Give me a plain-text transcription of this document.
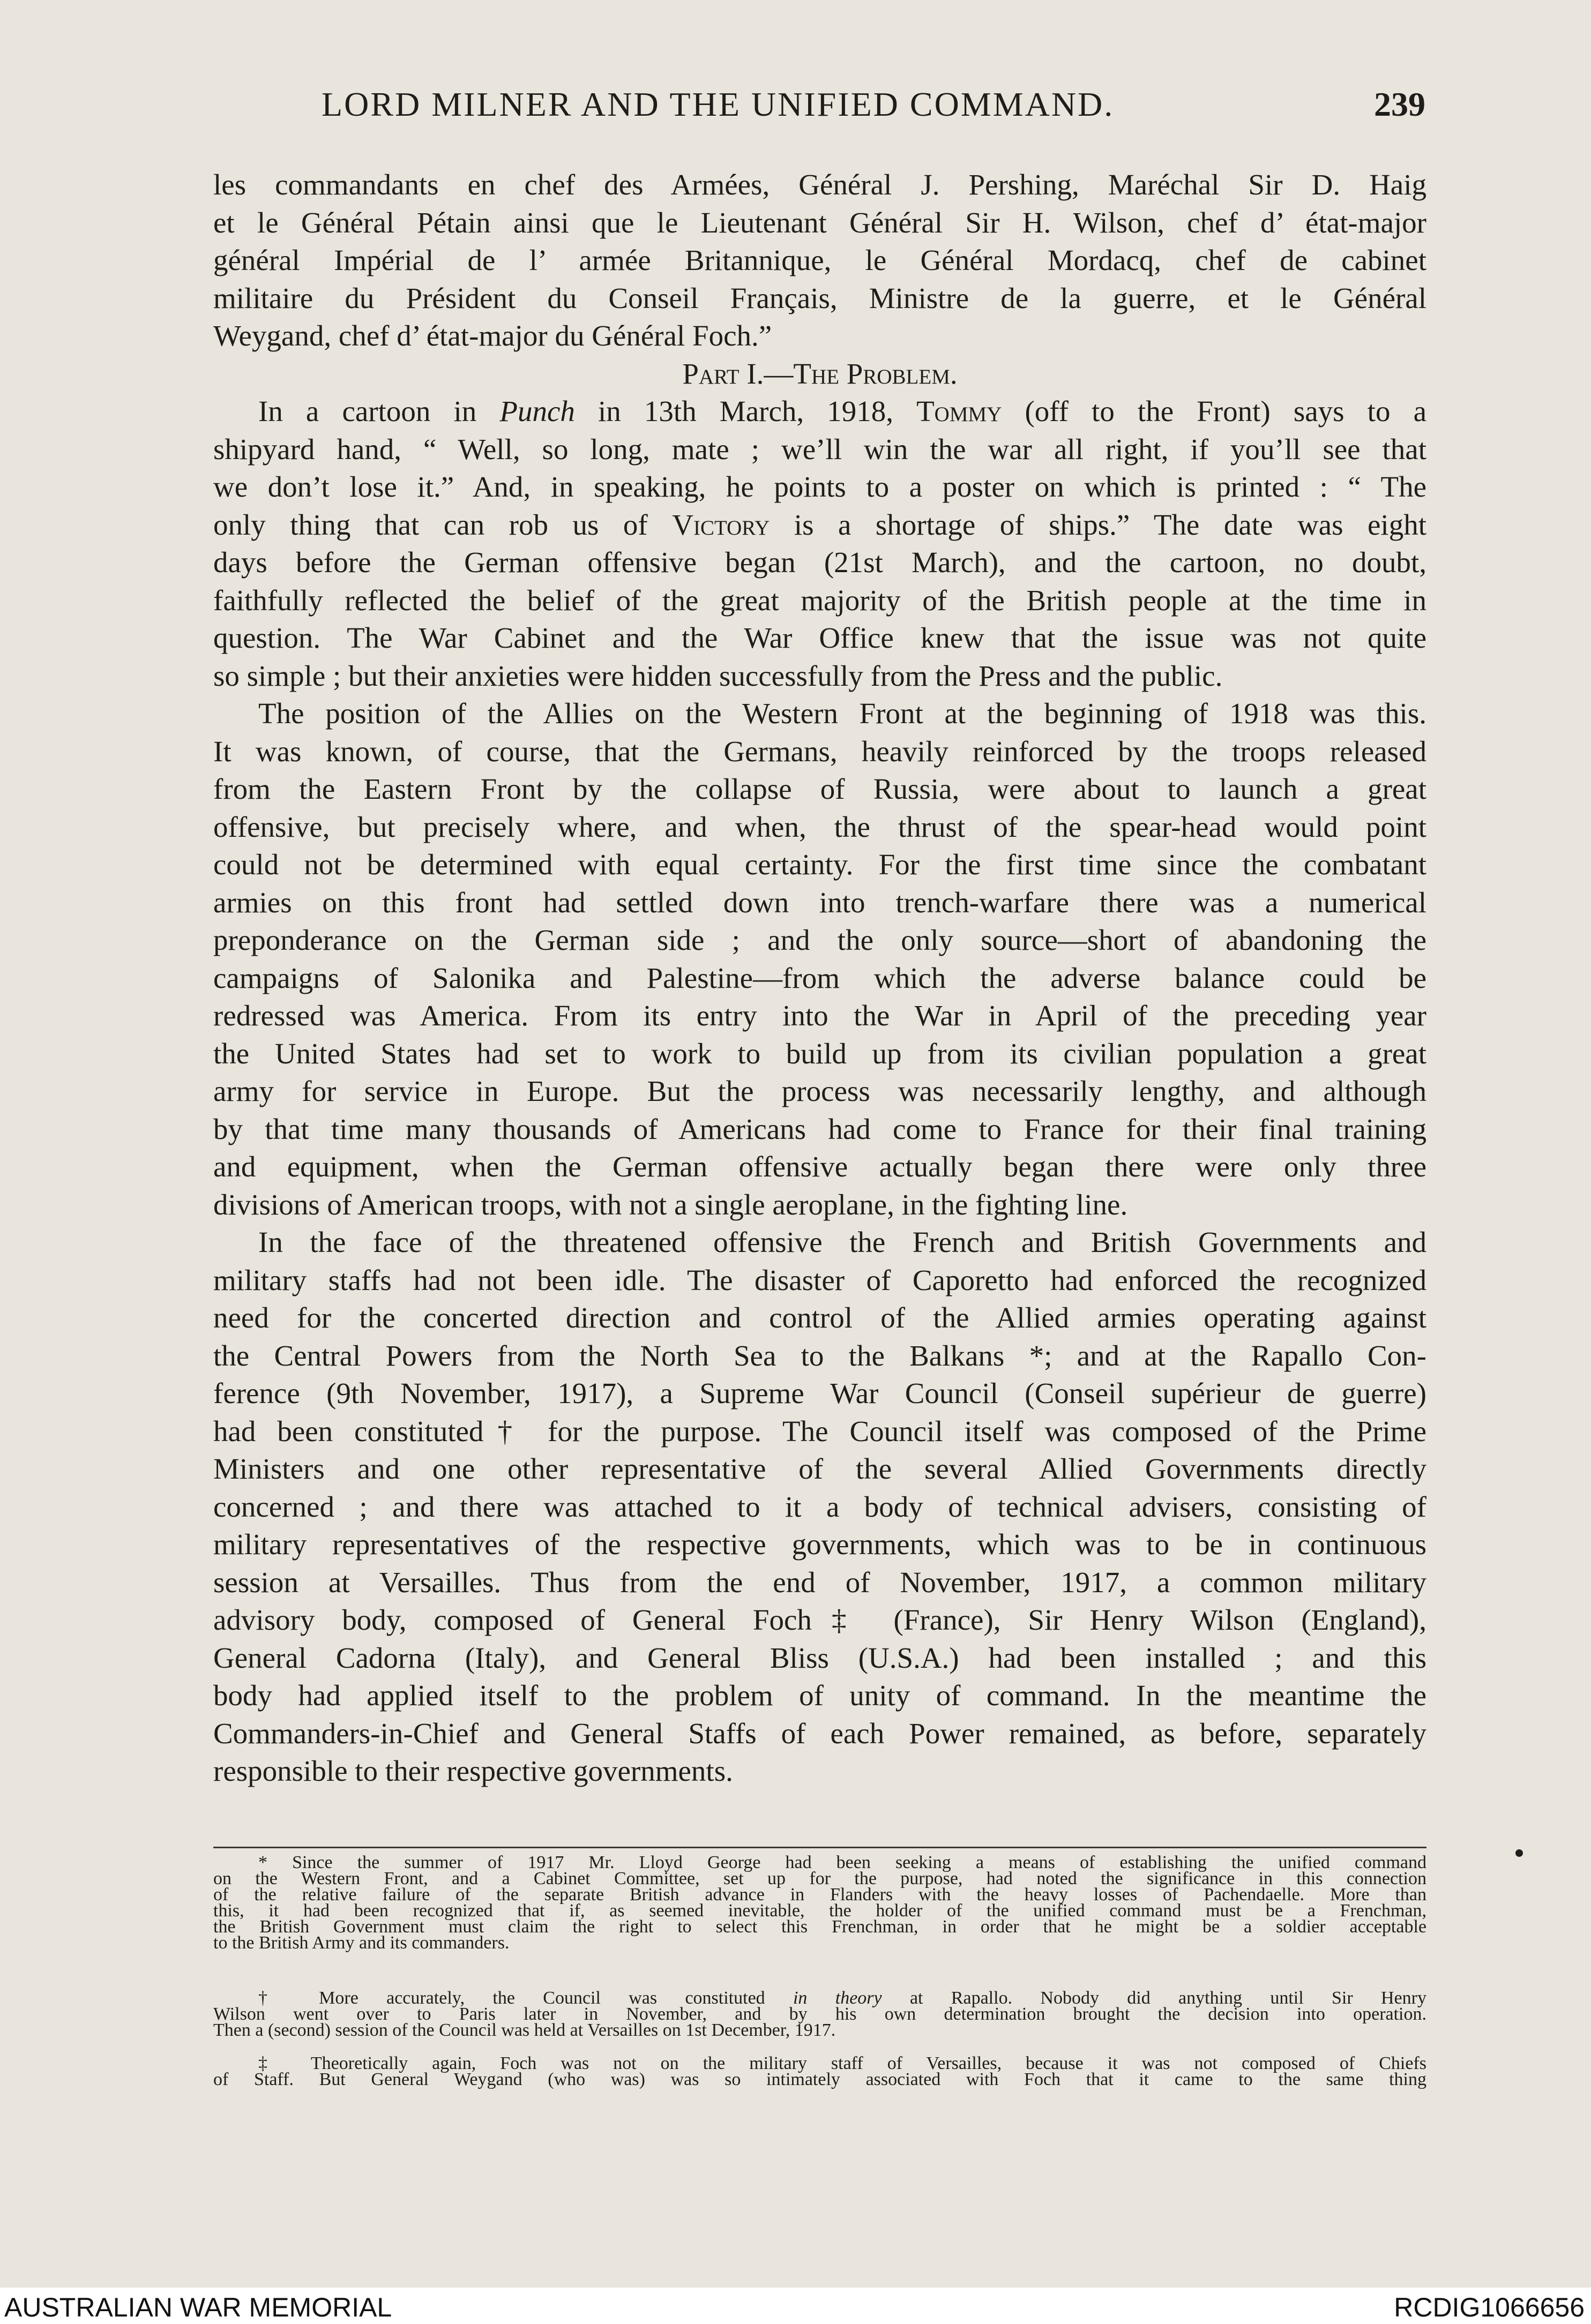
LORD MILNER AND THE UNIFIED COMMAND.	239
les commandants en chef des Armées, Général J. Pershing, Maréchal Sir D. Haig
et le Général Pétain ainsi que le Lieutenant Général Sir H. Wilson, chef d’ état-major
général Impérial de l’ armée Britannique, le Général Mordacq, chef de cabinet
militaire du Président du Conseil Français, Ministre de la guerre, et le Général
Weygand, chef d’ état-major du Général Foch.”
Part I.—The Problem.
In a cartoon in Punch in 13th March, 1918, Tommy (off to the Front) says to a
shipyard hand, “ Well, so long, mate ; we’ll win the war all right, if you’ll see that
we don’t lose it.” And, in speaking, he points to a poster on which is printed : “ The
only thing that can rob us of Victory is a shortage of ships.” The date was eight
days before the German offensive began (21st March), and the cartoon, no doubt,
faithfully reflected the belief of the great majority of the British people at the time in
question. The War Cabinet and the War Office knew that the issue was not quite
so simple ; but their anxieties were hidden successfully from the Press and the public.
The position of the Allies on the Western Front at the beginning of 1918 was this.
It was known, of course, that the Germans, heavily reinforced by the troops released
from the Eastern Front by the collapse of Russia, were about to launch a great
offensive, but precisely where, and when, the thrust of the spear-head would point
could not be determined with equal certainty. For the first time since the combatant
armies on this front had settled down into trench-warfare there was a numerical
preponderance on the German side ; and the only source—short of abandoning the
campaigns of Salonika and Palestine—from which the adverse balance could be
redressed was America. From its entry into the War in April of the preceding year
the United States had set to work to build up from its civilian population a great
army for service in Europe. But the process was necessarily lengthy, and although
by that time many thousands of Americans had come to France for their final training
and equipment, when the German offensive actually began there were only three
divisions of American troops, with not a single aeroplane, in the fighting line.
In the face of the threatened offensive the French and British Governments and
military staffs had not been idle. The disaster of Caporetto had enforced the recognized
need for the concerted direction and control of the Allied armies operating against
the Central Powers from the North Sea to the Balkans *; and at the Rapallo Con-
ference (9th November, 1917), a Supreme War Council (Conseil supérieur de guerre)
had been constituted† for the purpose. The Council itself was composed of the Prime
Ministers and one other representative of the several Allied Governments directly
concerned ; and there was attached to it a body of technical advisers, consisting of
military representatives of the respective governments, which was to be in continuous
session at Versailles. Thus from the end of November, 1917, a common military
advisory body, composed of General Foch‡ (France), Sir Henry Wilson (England),
General Cadorna (Italy), and General Bliss (U.S.A.) had been installed ; and this
body had applied itself to the problem of unity of command. In the meantime the
Commanders-in-Chief and General Staffs of each Power remained, as before, separately
responsible to their respective governments.
* Since the summer of 1917 Mr. Lloyd George had been seeking a means of establishing the unified command
on the Western Front, and a Cabinet Committee, set up for the purpose, had noted the significance in this connection
of the relative failure of the separate British advance in Flanders with the heavy losses of Pachendaelle. More than
this, it had been recognized that if, as seemed inevitable, the holder of the unified command must be a Frenchman,
the British Government must claim the right to select this Frenchman, in order that he might be a soldier acceptable
to the British Army and its commanders.
† More accurately, the Council was constituted in theory at Rapallo. Nobody did anything until Sir Henry
Wilson went over to Paris later in November, and by his own determination brought the decision into operation.
Then a (second) session of the Council was held at Versailles on 1st December, 1917.
‡ Theoretically again, Foch was not on the military staff of Versailles, because it was not composed of Chiefs
of Staff. But General Weygand (who was) was so intimately associated with Foch that it came to the same thing
AUSTRALIAN WAR MEMORIAL	RCDIG1066656
